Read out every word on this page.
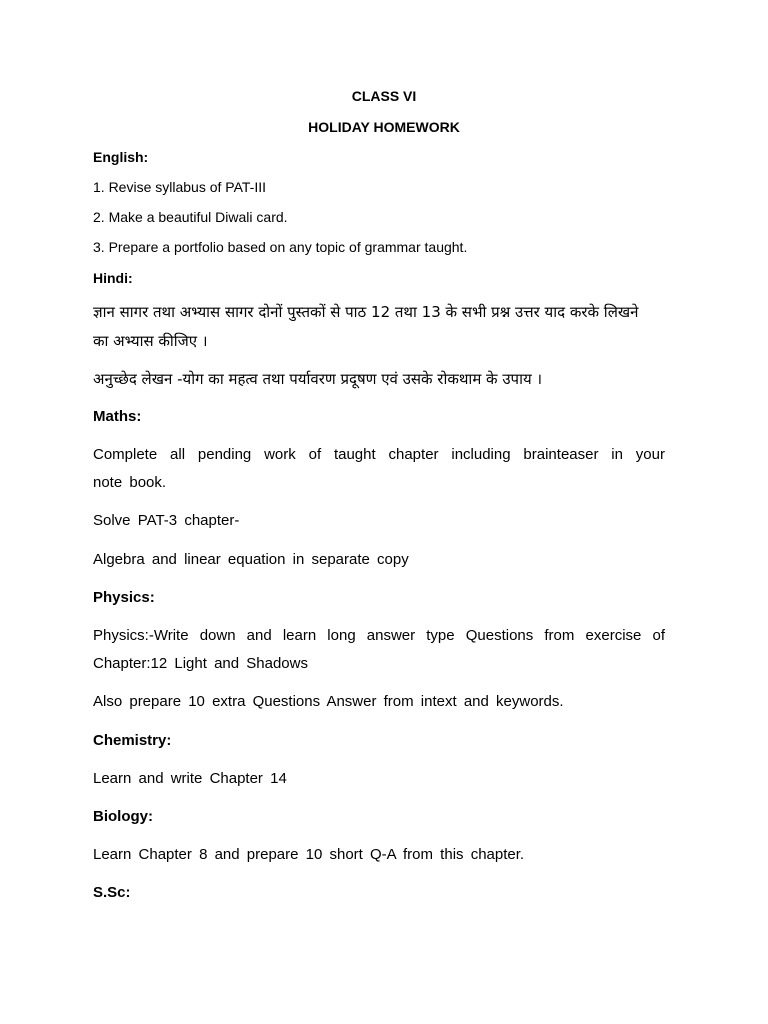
CLASS VI
HOLIDAY HOMEWORK
English:
1. Revise syllabus of PAT-III
2. Make a beautiful Diwali card.
3. Prepare a portfolio based on any topic of grammar taught.
Hindi:
ज्ञान सागर तथा अभ्यास सागर दोनों पुस्तकों से पाठ 12 तथा 13 के सभी प्रश्न उत्तर याद करके लिखने
का अभ्यास कीजिए ।
अनुच्छेद लेखन -योग का महत्व तथा पर्यावरण प्रदूषण एवं उसके रोकथाम के उपाय ।
Maths:
Complete all pending work of taught chapter including brainteaser in your
note book.
Solve PAT-3 chapter-
Algebra and linear equation in separate copy
Physics:
Physics:-Write down and learn long answer type Questions from exercise of
Chapter:12 Light and Shadows
Also prepare 10 extra Questions Answer from intext and keywords.
Chemistry:
Learn and write Chapter 14
Biology:
Learn Chapter 8 and prepare 10 short Q-A from this chapter.
S.Sc:
